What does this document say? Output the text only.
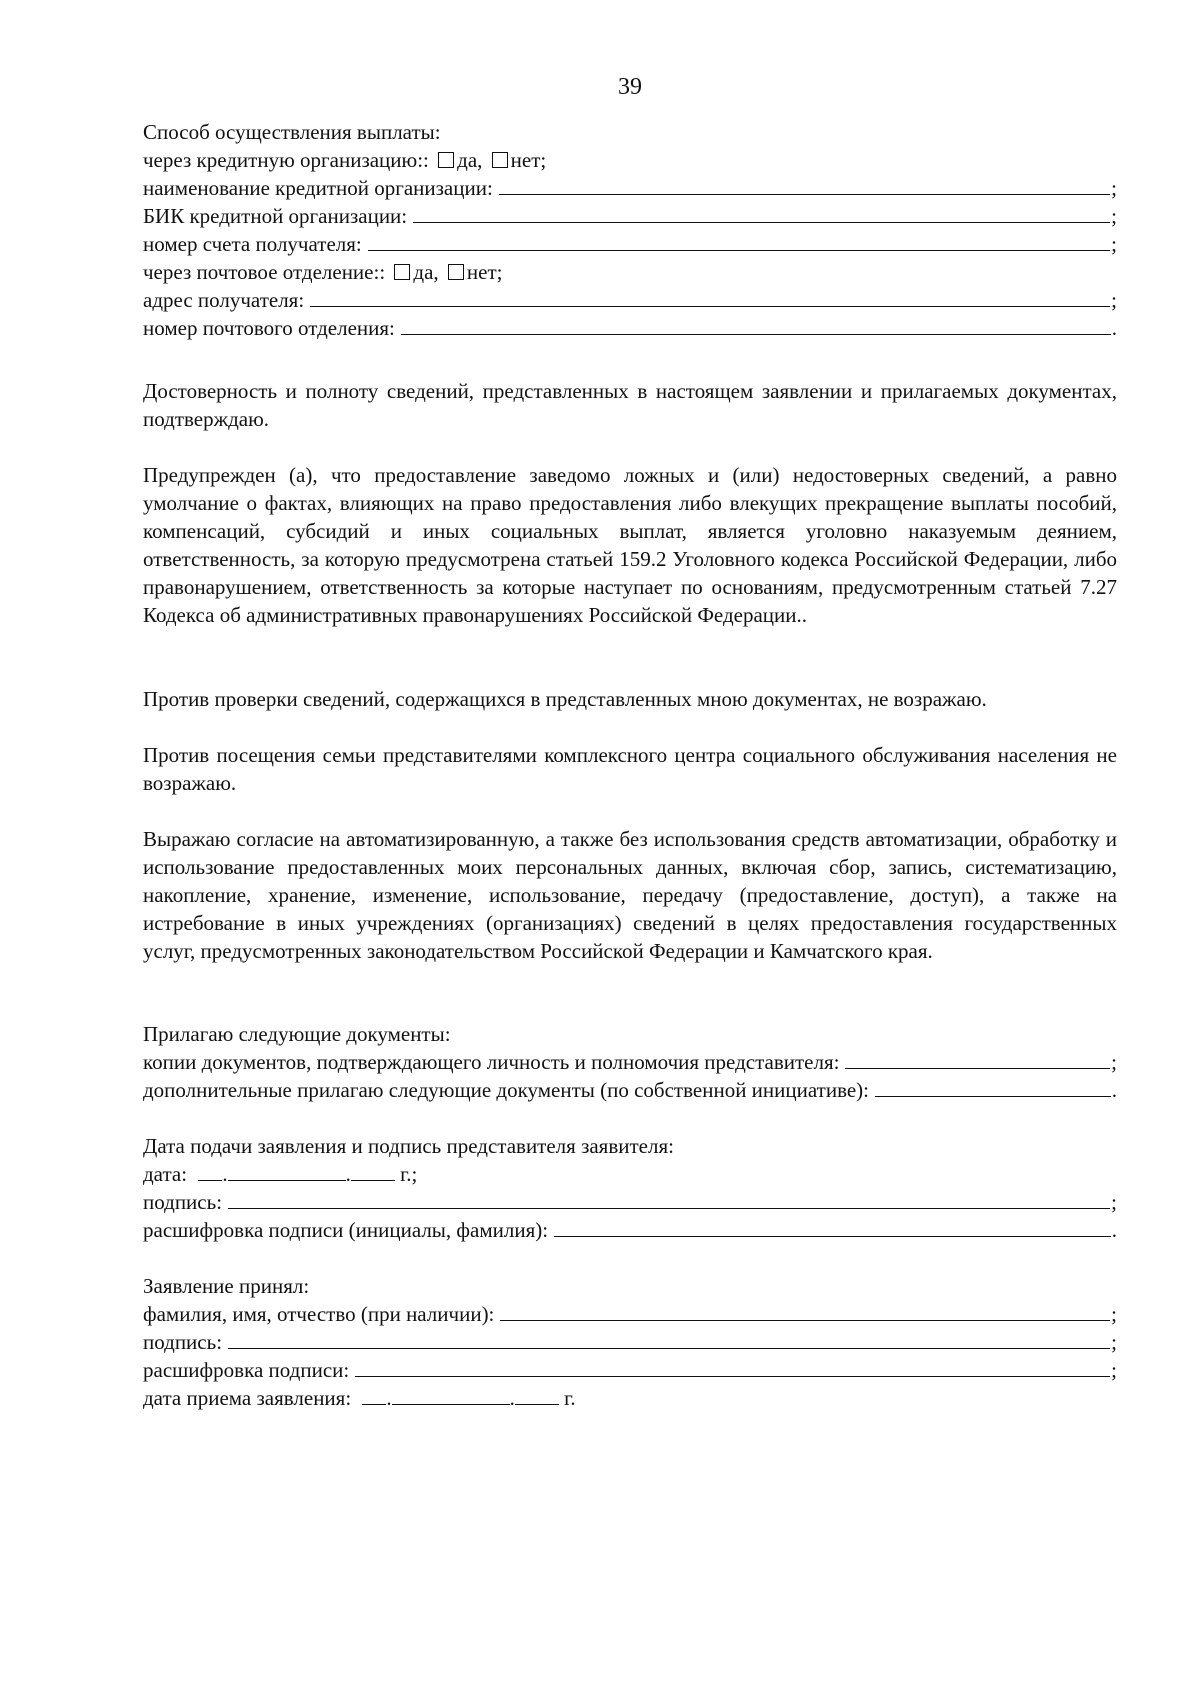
39
Способ осуществления выплаты:
через кредитную организацию:: да, нет;
наименование кредитной организации:	;
БИК кредитной организации:	;
номер счета получателя:	;
через почтовое отделение:: да, нет;
адрес получателя:	;
номер почтового отделения:	.
Достоверность и полноту сведений, представленных в настоящем заявлении и прилагаемых документах, подтверждаю.
Предупрежден (а), что предоставление заведомо ложных и (или) недостоверных сведений, а равно умолчание о фактах, влияющих на право предоставления либо влекущих прекращение выплаты пособий, компенсаций, субсидий и иных социальных выплат, является уголовно наказуемым деянием, ответственность, за которую предусмотрена статьей 159.2 Уголовного кодекса Российской Федерации, либо правонарушением, ответственность за которые наступает по основаниям, предусмотренным статьей 7.27 Кодекса об административных правонарушениях Российской Федерации..
Против проверки сведений, содержащихся в представленных мною документах, не возражаю.
Против посещения семьи представителями комплексного центра социального обслуживания населения не возражаю.
Выражаю согласие на автоматизированную, а также без использования средств автоматизации, обработку и использование предоставленных моих персональных данных, включая сбор, запись, систематизацию, накопление, хранение, изменение, использование, передачу (предоставление, доступ), а также на истребование в иных учреждениях (организациях) сведений в целях предоставления государственных услуг, предусмотренных законодательством Российской Федерации и Камчатского края.
Прилагаю следующие документы:
копии документов, подтверждающего личность и полномочия представителя:	;
дополнительные прилагаю следующие документы (по собственной инициативе):	.
Дата подачи заявления и подпись представителя заявителя:
дата: .	. г.;
подпись:	;
расшифровка подписи (инициалы, фамилия):	.
Заявление принял:
фамилия, имя, отчество (при наличии):	;
подпись:	;
расшифровка подписи:	;
дата приема заявления: .	. г.
